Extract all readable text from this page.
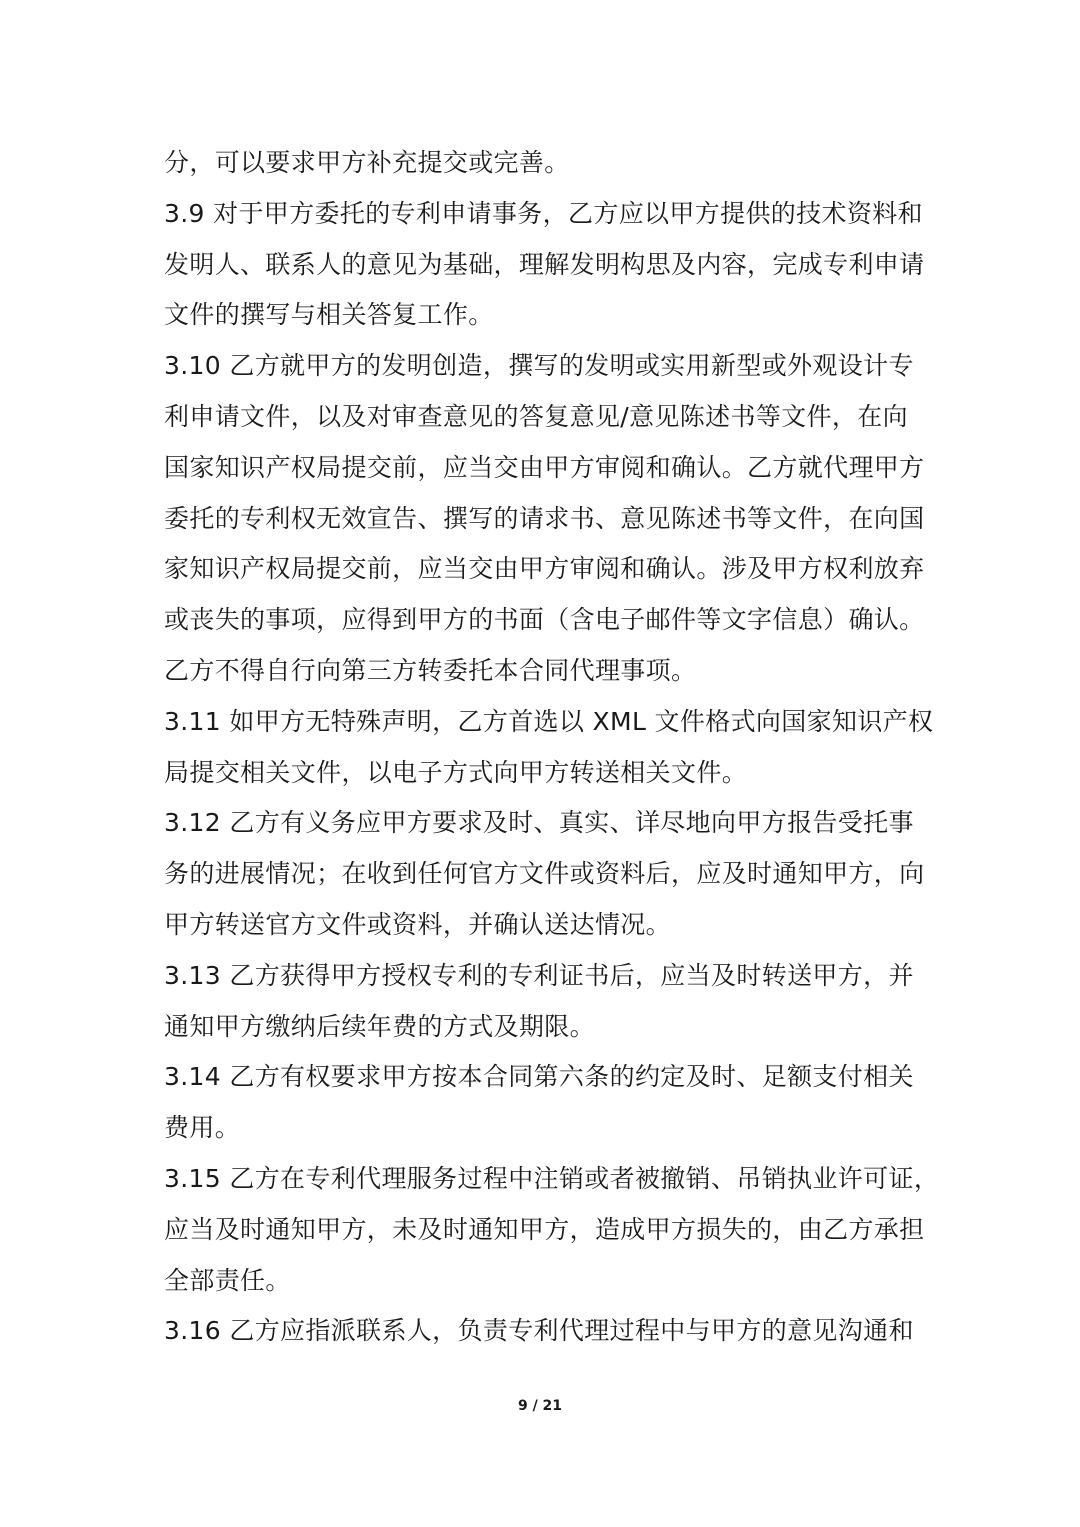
分，可以要求甲方补充提交或完善。
3.9 对于甲方委托的专利申请事务，乙方应以甲方提供的技术资料和
发明人、联系人的意见为基础，理解发明构思及内容，完成专利申请
文件的撰写与相关答复工作。
3.10 乙方就甲方的发明创造，撰写的发明或实用新型或外观设计专
利申请文件，以及对审查意见的答复意见/意见陈述书等文件，在向
国家知识产权局提交前，应当交由甲方审阅和确认。乙方就代理甲方
委托的专利权无效宣告、撰写的请求书、意见陈述书等文件，在向国
家知识产权局提交前，应当交由甲方审阅和确认。涉及甲方权利放弃
或丧失的事项，应得到甲方的书面（含电子邮件等文字信息）确认。
乙方不得自行向第三方转委托本合同代理事项。
3.11 如甲方无特殊声明，乙方首选以 XML 文件格式向国家知识产权
局提交相关文件，以电子方式向甲方转送相关文件。
3.12 乙方有义务应甲方要求及时、真实、详尽地向甲方报告受托事
务的进展情况；在收到任何官方文件或资料后，应及时通知甲方，向
甲方转送官方文件或资料，并确认送达情况。
3.13 乙方获得甲方授权专利的专利证书后，应当及时转送甲方，并
通知甲方缴纳后续年费的方式及期限。
3.14 乙方有权要求甲方按本合同第六条的约定及时、足额支付相关
费用。
3.15 乙方在专利代理服务过程中注销或者被撤销、吊销执业许可证，
应当及时通知甲方，未及时通知甲方，造成甲方损失的，由乙方承担
全部责任。
3.16 乙方应指派联系人，负责专利代理过程中与甲方的意见沟通和
9 / 21
